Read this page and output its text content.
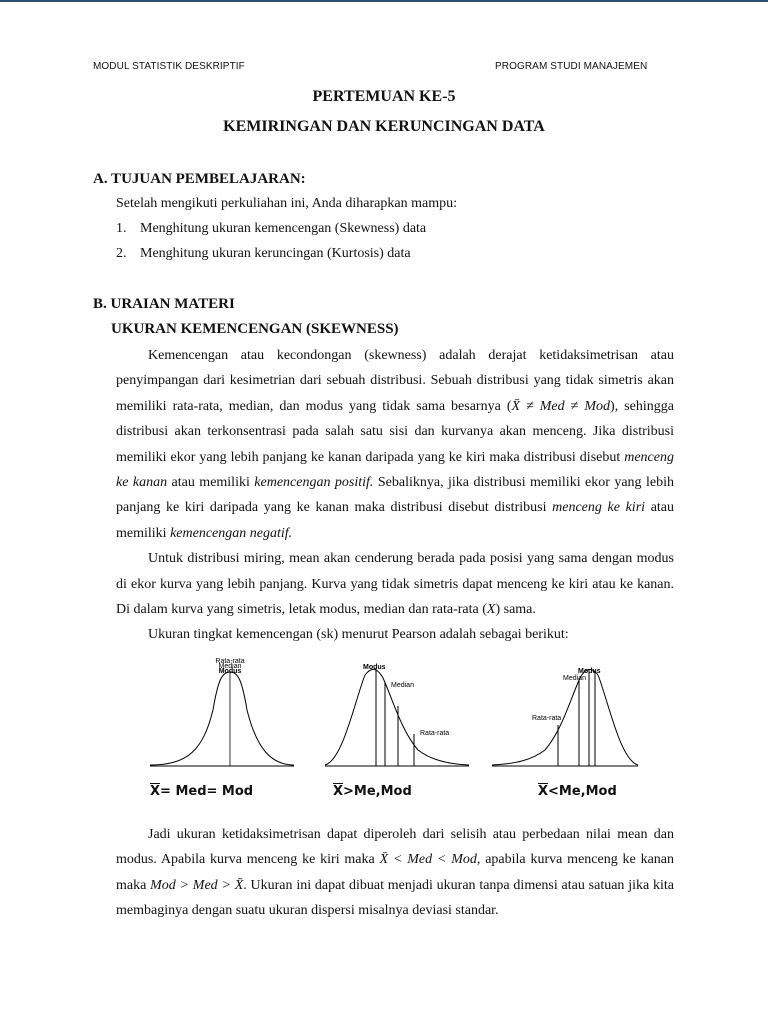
MODUL STATISTIK DESKRIPTIF	PROGRAM STUDI MANAJEMEN
PERTEMUAN KE-5
KEMIRINGAN DAN KERUNCINGAN DATA
A. TUJUAN PEMBELAJARAN:
Setelah mengikuti perkuliahan ini, Anda diharapkan mampu:
1. Menghitung ukuran kemencengan (Skewness) data
2. Menghitung ukuran keruncingan (Kurtosis) data
B. URAIAN MATERI
UKURAN KEMENCENGAN (SKEWNESS)

Kemencengan atau kecondongan (skewness) adalah derajat ketidaksimetrisan atau penyimpangan dari kesimetrian dari sebuah distribusi. Sebuah distribusi yang tidak simetris akan memiliki rata-rata, median, dan modus yang tidak sama besarnya (X̄ ≠ Med ≠ Mod), sehingga distribusi akan terkonsentrasi pada salah satu sisi dan kurvanya akan menceng. Jika distribusi memiliki ekor yang lebih panjang ke kanan daripada yang ke kiri maka distribusi disebut menceng ke kanan atau memiliki kemencengan positif. Sebaliknya, jika distribusi memiliki ekor yang lebih panjang ke kiri daripada yang ke kanan maka distribusi disebut distribusi menceng ke kiri atau memiliki kemencengan negatif.

Untuk distribusi miring, mean akan cenderung berada pada posisi yang sama dengan modus di ekor kurva yang lebih panjang. Kurva yang tidak simetris dapat menceng ke kiri atau ke kanan. Di dalam kurva yang simetris, letak modus, median dan rata-rata (X) sama.

Ukuran tingkat kemencengan (sk) menurut Pearson adalah sebagai berikut:

Rata-rata
Median
Modus
Modus
Median
Rata-rata
Modus
Median
Rata-rata
$\overline{X}= Med=$ Mod	$\overline{X}>Me,Mod$	$\overline{X}<Me,Mod$

Jadi ukuran ketidaksimetrisan dapat diperoleh dari selisih atau perbedaan nilai mean dan modus. Apabila kurva menceng ke kiri maka X̄ < Med < Mod, apabila kurva menceng ke kanan maka Mod > Med > X̄. Ukuran ini dapat dibuat menjadi ukuran tanpa dimensi atau satuan jika kita membaginya dengan suatu ukuran dispersi misalnya deviasi standar.
